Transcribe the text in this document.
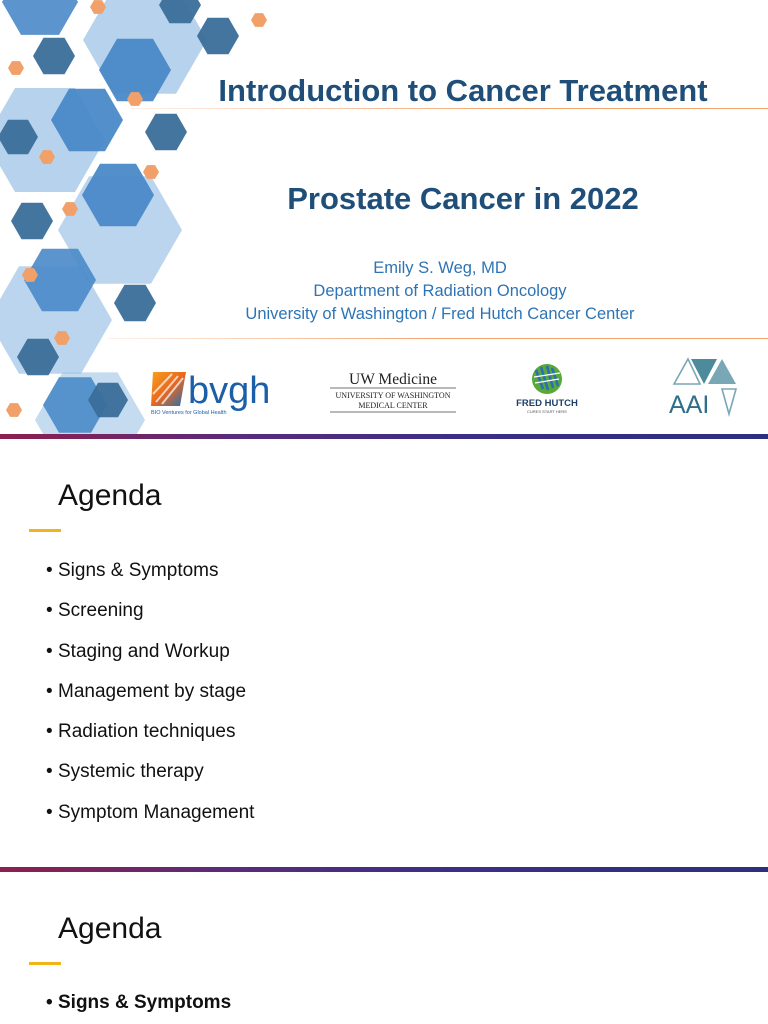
Introduction to Cancer Treatment
Prostate Cancer in 2022
Emily S. Weg, MD
Department of Radiation Oncology
University of Washington / Fred Hutch Cancer Center
bvgh
BIO Ventures for Global Health
UW Medicine
UNIVERSITY OF WASHINGTON
MEDICAL CENTER	FRED HUTCH
CURES START HERE	AAI
Agenda
• Signs & Symptoms
• Screening
• Staging and Workup
• Management by stage
• Radiation techniques
• Systemic therapy
• Symptom Management
Agenda
• Signs & Symptoms
